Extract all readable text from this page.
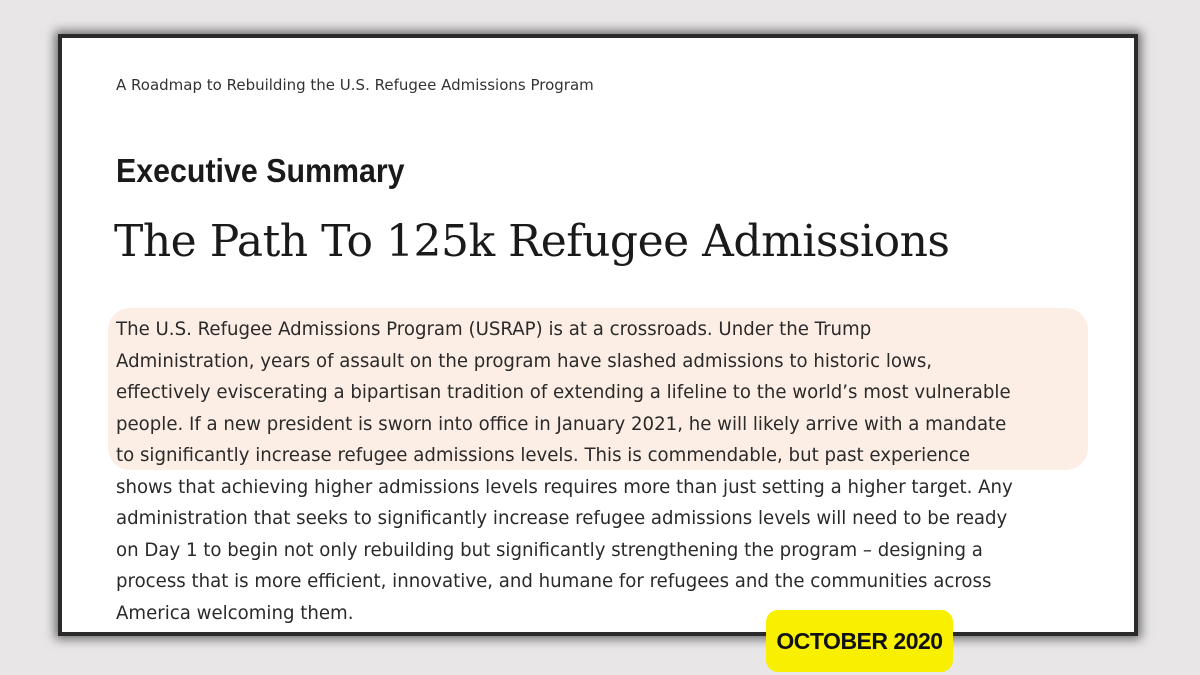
A Roadmap to Rebuilding the U.S. Refugee Admissions Program
Executive Summary
The Path To 125k Refugee Admissions

The U.S. Refugee Admissions Program (USRAP) is at a crossroads. Under the Trump
Administration, years of assault on the program have slashed admissions to historic lows,
effectively eviscerating a bipartisan tradition of extending a lifeline to the world’s most vulnerable
people. If a new president is sworn into office in January 2021, he will likely arrive with a mandate
to significantly increase refugee admissions levels. This is commendable, but past experience
shows that achieving higher admissions levels requires more than just setting a higher target. Any
administration that seeks to significantly increase refugee admissions levels will need to be ready
on Day 1 to begin not only rebuilding but significantly strengthening the program – designing a
process that is more efficient, innovative, and humane for refugees and the communities across
America welcoming them.

OCTOBER 2020
